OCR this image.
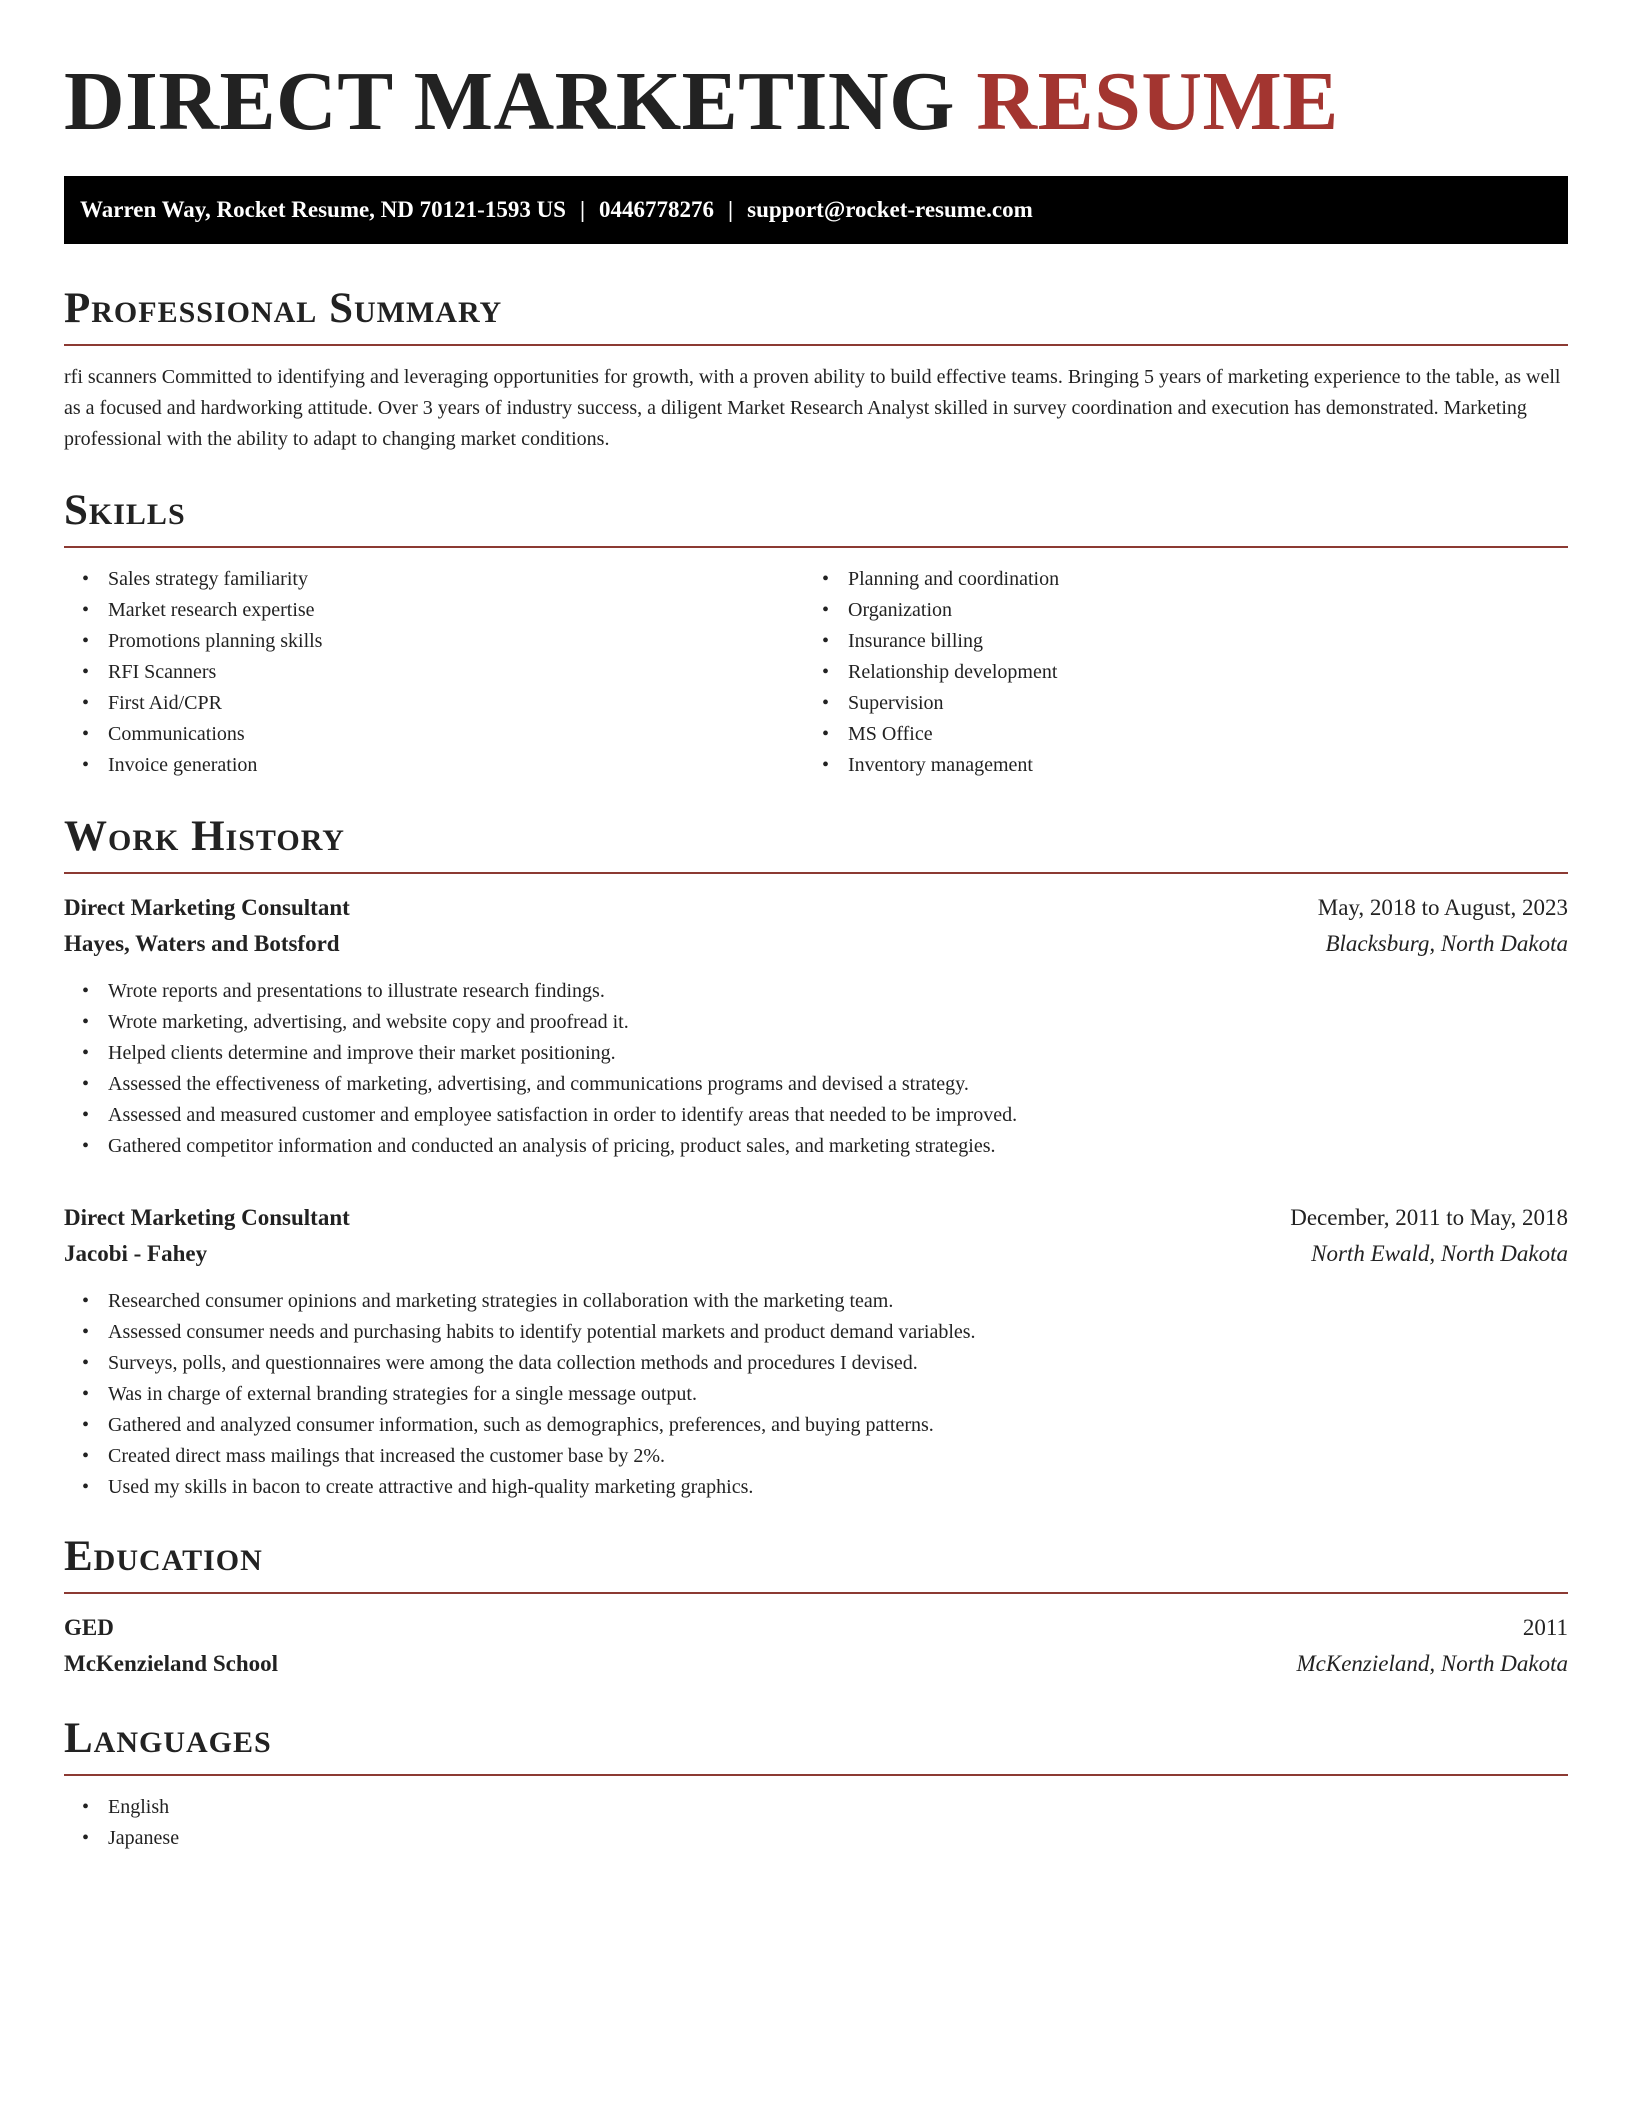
DIRECT MARKETING RESUME
Warren Way, Rocket Resume, ND 70121-1593 US | 0446778276 | support@rocket-resume.com
Professional Summary

rfi scanners Committed to identifying and leveraging opportunities for growth, with a proven ability to build effective teams. Bringing 5 years of marketing experience to the table, as well as a focused and hardworking attitude. Over 3 years of industry success, a diligent Market Research Analyst skilled in survey coordination and execution has demonstrated. Marketing professional with the ability to adapt to changing market conditions.

Skills
• Sales strategy familiarity
• Market research expertise
• Promotions planning skills
• RFI Scanners
• First Aid/CPR
• Communications
• Invoice generation
• Planning and coordination
• Organization
• Insurance billing
• Relationship development
• Supervision
• MS Office
• Inventory management
Work History
Direct Marketing Consultant	May, 2018 to August, 2023
Hayes, Waters and Botsford	Blacksburg, North Dakota
• Wrote reports and presentations to illustrate research findings.
• Wrote marketing, advertising, and website copy and proofread it.
• Helped clients determine and improve their market positioning.
• Assessed the effectiveness of marketing, advertising, and communications programs and devised a strategy.
• Assessed and measured customer and employee satisfaction in order to identify areas that needed to be improved.
• Gathered competitor information and conducted an analysis of pricing, product sales, and marketing strategies.
Direct Marketing Consultant	December, 2011 to May, 2018
Jacobi - Fahey	North Ewald, North Dakota
• Researched consumer opinions and marketing strategies in collaboration with the marketing team.
• Assessed consumer needs and purchasing habits to identify potential markets and product demand variables.
• Surveys, polls, and questionnaires were among the data collection methods and procedures I devised.
• Was in charge of external branding strategies for a single message output.
• Gathered and analyzed consumer information, such as demographics, preferences, and buying patterns.
• Created direct mass mailings that increased the customer base by 2%.
• Used my skills in bacon to create attractive and high-quality marketing graphics.
Education
GED	2011
McKenzieland School	McKenzieland, North Dakota
Languages
• English
• Japanese
